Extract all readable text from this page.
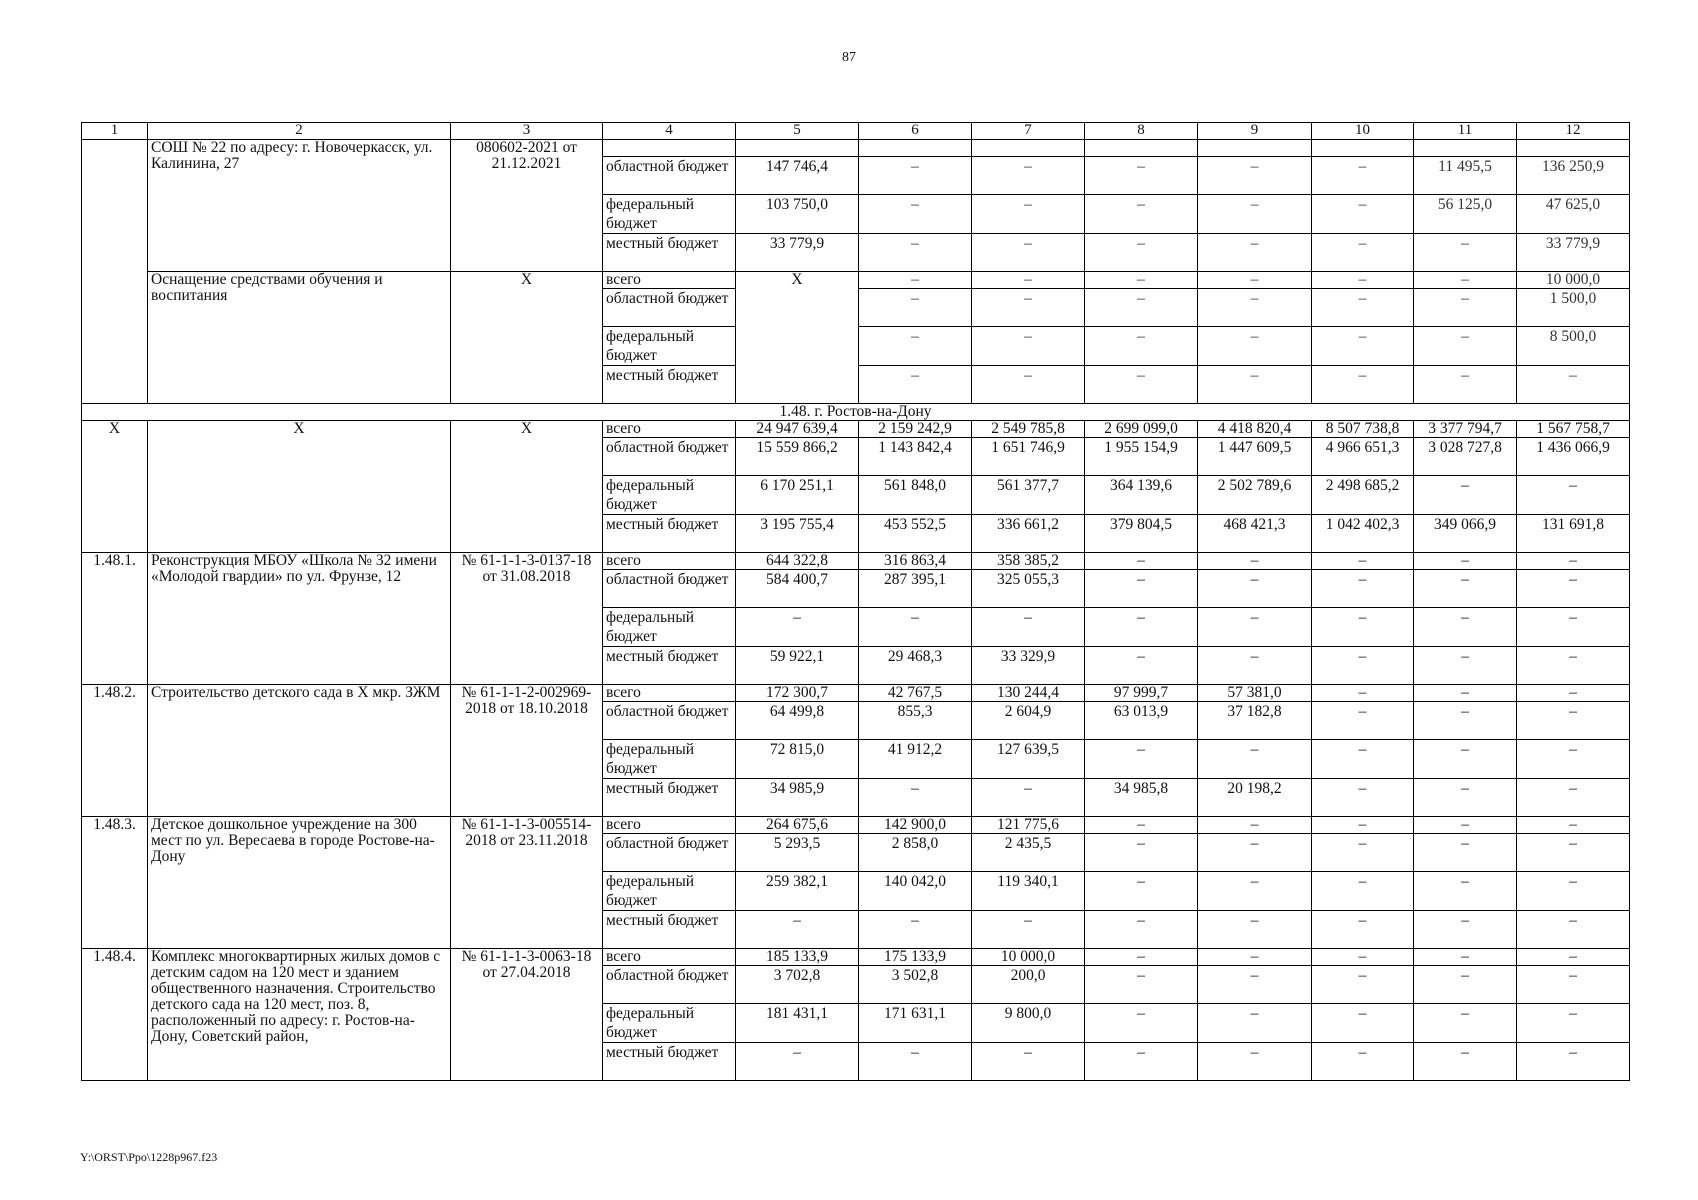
87
1	2	3	4	5	6	7	8	9	10	11	12
	СОШ № 22 по адресу: г. Новочеркасск, ул. Калинина, 27	080602-2021 от 21.12.2021									
			областной бюджет	147 746,4	–	–	–	–	–	11 495,5	136 250,9
			федеральный бюджет	103 750,0	–	–	–	–	–	56 125,0	47 625,0
			местный бюджет	33 779,9	–	–	–	–	–	–	33 779,9
	Оснащение средствами обучения и воспитания	Х	всего	Х	–	–	–	–	–	–	10 000,0
			областной бюджет		–	–	–	–	–	–	1 500,0
			федеральный бюджет		–	–	–	–	–	–	8 500,0
			местный бюджет		–	–	–	–	–	–	–
1.48. г. Ростов-на-Дону											
Х	Х	Х	всего	24 947 639,4	2 159 242,9	2 549 785,8	2 699 099,0	4 418 820,4	8 507 738,8	3 377 794,7	1 567 758,7
			областной бюджет	15 559 866,2	1 143 842,4	1 651 746,9	1 955 154,9	1 447 609,5	4 966 651,3	3 028 727,8	1 436 066,9
			федеральный бюджет	6 170 251,1	561 848,0	561 377,7	364 139,6	2 502 789,6	2 498 685,2	–	–
			местный бюджет	3 195 755,4	453 552,5	336 661,2	379 804,5	468 421,3	1 042 402,3	349 066,9	131 691,8
1.48.1.	Реконструкция МБОУ «Школа № 32 имени «Молодой гвардии» по ул. Фрунзе, 12	№ 61-1-1-3-0137-18 от 31.08.2018	всего	644 322,8	316 863,4	358 385,2	–	–	–	–	–
			областной бюджет	584 400,7	287 395,1	325 055,3	–	–	–	–	–
			федеральный бюджет	–	–	–	–	–	–	–	–
			местный бюджет	59 922,1	29 468,3	33 329,9	–	–	–	–	–
1.48.2.	Строительство детского сада в Х мкр. ЗЖМ	№ 61-1-1-2-002969-2018 от 18.10.2018	всего	172 300,7	42 767,5	130 244,4	97 999,7	57 381,0	–	–	–
			областной бюджет	64 499,8	855,3	2 604,9	63 013,9	37 182,8	–	–	–
			федеральный бюджет	72 815,0	41 912,2	127 639,5	–	–	–	–	–
			местный бюджет	34 985,9	–	–	34 985,8	20 198,2	–	–	–
1.48.3.	Детское дошкольное учреждение на 300 мест по ул. Вересаева в городе Ростове-на-Дону	№ 61-1-1-3-005514-2018 от 23.11.2018	всего	264 675,6	142 900,0	121 775,6	–	–	–	–	–
			областной бюджет	5 293,5	2 858,0	2 435,5	–	–	–	–	–
			федеральный бюджет	259 382,1	140 042,0	119 340,1	–	–	–	–	–
			местный бюджет	–	–	–	–	–	–	–	–
1.48.4.	Комплекс многоквартирных жилых домов с детским садом на 120 мест и зданием общественного назначения. Строительство детского сада на 120 мест, поз. 8, расположенный по адресу: г. Ростов-на-Дону, Советский район,	№ 61-1-1-3-0063-18 от 27.04.2018	всего	185 133,9	175 133,9	10 000,0	–	–	–	–	–
			областной бюджет	3 702,8	3 502,8	200,0	–	–	–	–	–
			федеральный бюджет	181 431,1	171 631,1	9 800,0	–	–	–	–	–
			местный бюджет	–	–	–	–	–	–	–	–
Y:\ORST\Ppo\1228p967.f23
